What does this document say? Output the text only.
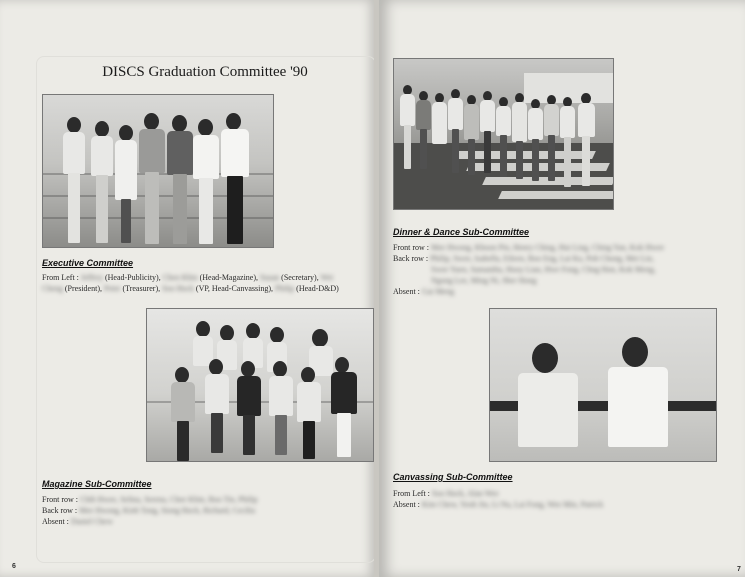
DISCS Graduation Committee '90
Executive Committee
From Left : Jeffrey (Head-Publicity), Chen Khin (Head-Magazine), Susan (Secretary), Wei
Cheng (President), Peter (Treasurer), Soo Hock (VP, Head-Canvassing), Philip (Head-D&D)
Magazine Sub-Committee
Front row : Chih Hwee, Selina, Serena, Chee Khin, Boo Tin, Philip
Back row : Mee Hwong, Kinh Tong, Siong Hock, Richard, Cecilia
Absent : Daniel Chew
6
Dinner & Dance Sub-Committee
Front row : Mee Hwong, Khoon Pin, Henry Ching, Hui Ling, Ching Yan, Kok Hwee
Back row : Philip, Swee, Isabella, Eileen, Boo Eng, Lai Ka, Poh Chong, Mei Lin,
Swee Yuen, Samantha, Hooy Lian, Hwe Fong, Chng Hon, Kok Meng,
Ngong Lee, Ming Ni, Sher Hong
Absent : Gai Meng
Canvassing Sub-Committee
From Left : Soo Hock, Alan Wee
Absent : Kim Chew, Yeoh Jin, Li Na, Lai Fong, Wee Min, Patrick
7
